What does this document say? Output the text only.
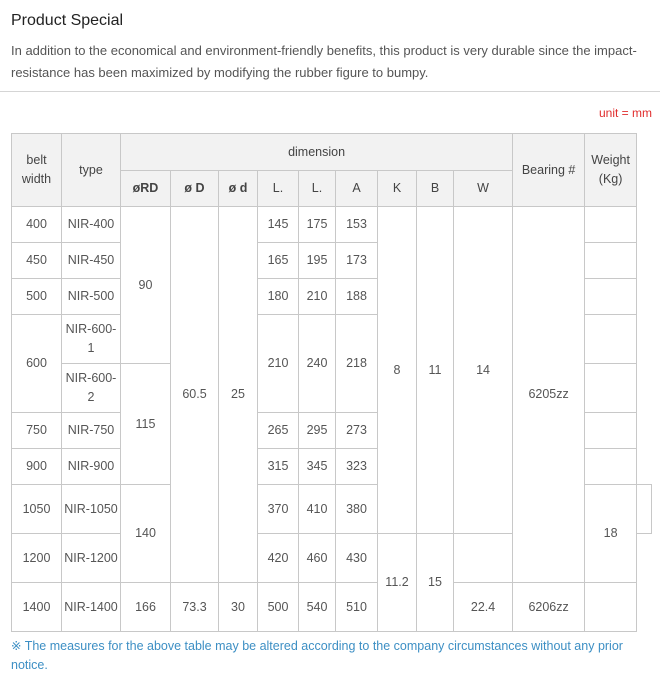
Product Special
In addition to the economical and environment-friendly benefits, this product is very durable since the impact-resistance has been maximized by modifying the rubber figure to bumpy.
unit = mm
belt width	type	dimension									Bearing #	Weight (Kg)	
		øRD	ø D	ø d	L.	L.	A	K	B	W			
400	NIR-400	90	60.5	25	145	175	153	8	11	14	6205zz		
450	NIR-450				165	195	173						
500	NIR-500				180	210	188						
600	NIR-600-1				210	240	218						
	NIR-600-2	115											
750	NIR-750				265	295	273						
900	NIR-900				315	345	323						
1050	NIR-1050	140			370	410	380					18	
1200	NIR-1200				420	460	430	11.2	15				
1400	NIR-1400	166	73.3	30	500	540	510			22.4	6206zz		
※ The measures for the above table may be altered according to the company circumstances without any prior notice.
